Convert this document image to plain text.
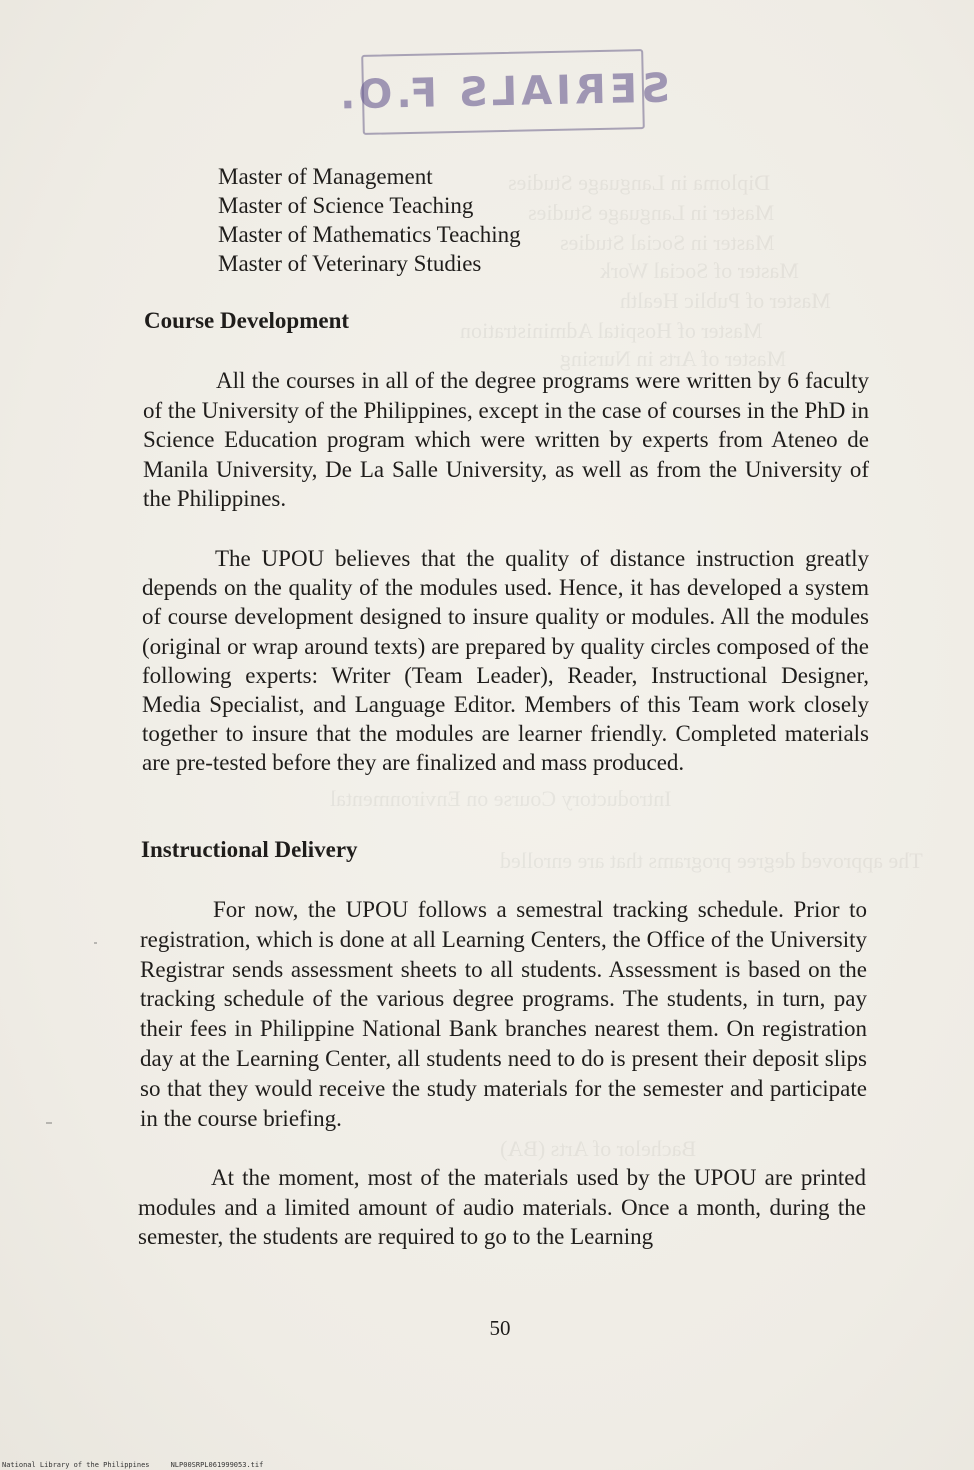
Diploma in Language Studies
Master in Language Studies
Master in Social Studies
Master of Social Work
Master of Public Health
Master of Hospital Administration
Master of Arts in Nursing
Introductory Course on Environmental
The approved degree programs that are enrolled
Bachelor of Arts (BA)
SERIALS F.O.
Master of Management
Master of Science Teaching
Master of Mathematics Teaching
Master of Veterinary Studies
Course Development

All the courses in all of the degree programs were written by 6 faculty of the University of the Philippines, except in the case of courses in the PhD in Science Education program which were written by experts from Ateneo de Manila University, De La Salle University, as well as from the University of the Philippines.

The UPOU believes that the quality of distance instruction greatly depends on the quality of the modules used. Hence, it has developed a system of course development designed to insure quality or modules. All the modules (original or wrap around texts) are prepared by quality circles composed of the following experts: Writer (Team Leader), Reader, Instructional Designer, Media Specialist, and Language Editor. Members of this Team work closely together to insure that the modules are learner friendly. Completed materials are pre-tested before they are finalized and mass produced.

Instructional Delivery

For now, the UPOU follows a semestral tracking schedule. Prior to registration, which is done at all Learning Centers, the Office of the University Registrar sends assessment sheets to all students. Assessment is based on the tracking schedule of the various degree programs. The students, in turn, pay their fees in Philippine National Bank branches nearest them. On registration day at the Learning Center, all students need to do is present their deposit slips so that they would receive the study materials for the semester and participate in the course briefing.

At the moment, most of the materials used by the UPOU are printed modules and a limited amount of audio materials. Once a month, during the semester, the students are required to go to the Learning

50
National Library of the Philippines	NLP00SRPL061999053.tif
